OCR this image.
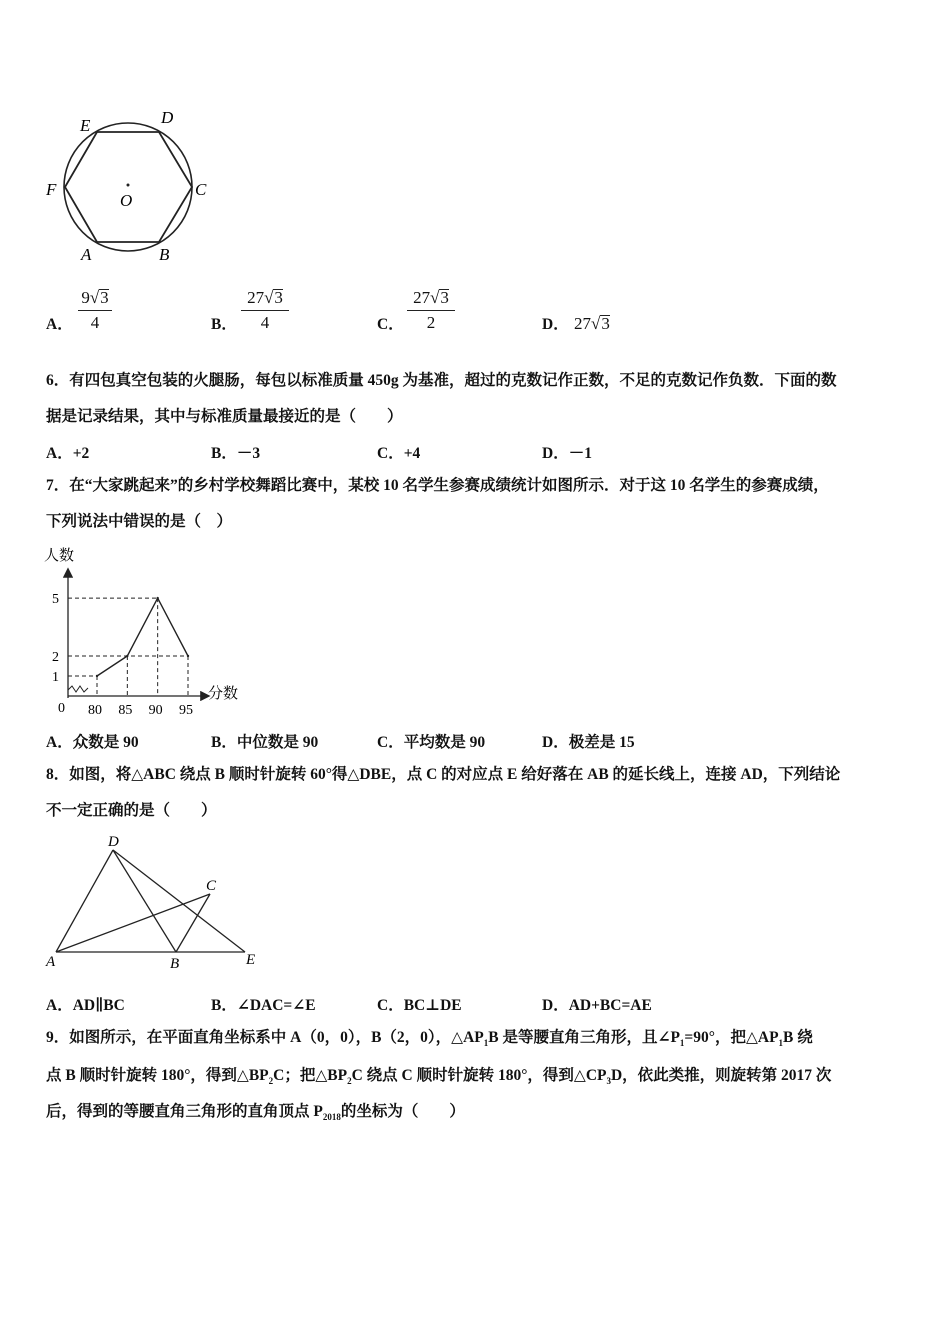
E	D
F	C
O
A	B
A．
9√3
4	B．
27√3
4	C．
27√3
2	D． 27√3
6．有四包真空包装的火腿肠，每包以标准质量 450g 为基准，超过的克数记作正数，不足的克数记作负数．下面的数
据是记录结果，其中与标准质量最接近的是（　　）
A．+2	B．－3	C．+4	D．－1
7．在“大家跳起来”的乡村学校舞蹈比赛中，某校 10 名学生参赛成绩统计如图所示．对于这 10 名学生的参赛成绩，
下列说法中错误的是（　）
人数
分数
0 80 85 90 95
1
2
5
A．众数是 90	B．中位数是 90	C．平均数是 90	D．极差是 15
8．如图，将△ABC 绕点 B 顺时针旋转 60°得△DBE，点 C 的对应点 E 给好落在 AB 的延长线上，连接 AD，下列结论
不一定正确的是（　　）
D
C
A	B	E
A．AD∥BC	B．∠DAC=∠E	C．BC⊥DE	D．AD+BC=AE
9．如图所示，在平面直角坐标系中 A（0，0），B（2，0），$\triangle AP_1B$ 是等腰直角三角形，且$\angle P_1=90^\circ$，把$\triangle AP_1B$ 绕
点 B 顺时针旋转 180°，得到$\triangle BP_2C$；把$\triangle BP_2C$ 绕点 C 顺时针旋转 180°，得到$\triangle CP_3D$，依此类推，则旋转第 2017 次
后，得到的等腰直角三角形的直角顶点 $P_{2018}$的坐标为（　　）
